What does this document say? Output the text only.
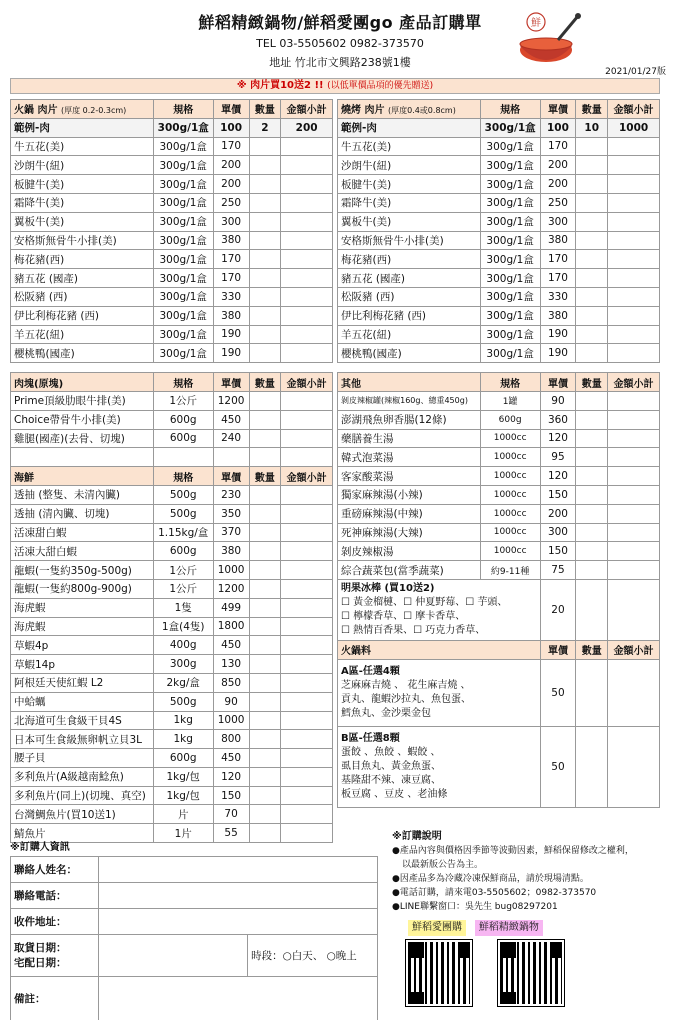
鮮稻精緻鍋物/鮮稻愛團go 產品訂購單
TEL 03-5505602 0982-373570
地址 竹北市文興路238號1樓
2021/01/27版
鮮
※ 肉片買10送2 !! (以低單價品項的優先贈送)
火鍋 肉片 (厚度 0.2-0.3cm)	規格	單價	數量	金額小計
範例-肉	300g/1盒	100	2	200
牛五花(美)	300g/1盒	170		
沙朗牛(紐)	300g/1盒	200		
板腱牛(美)	300g/1盒	200		
霜降牛(美)	300g/1盒	250		
翼板牛(美)	300g/1盒	300		
安格斯無骨牛小排(美)	300g/1盒	380		
梅花豬(西)	300g/1盒	170		
豬五花 (國產)	300g/1盒	170		
松阪豬 (西)	300g/1盒	330		
伊比利梅花豬 (西)	300g/1盒	380		
羊五花(紐)	300g/1盒	190		
櫻桃鴨(國產)	300g/1盒	190		

肉塊(原塊)	規格	單價	數量	金額小計
Prime頂級肋眼牛排(美)	1公斤	1200		
Choice帶骨牛小排(美)	600g	450		
雞腿(國產)(去骨、切塊)	600g	240		

海鮮	規格	單價	數量	金額小計
透抽 (整隻、未清內臟)	500g	230		
透抽 (清內臟、切塊)	500g	350		
活凍甜白蝦	1.15kg/盒	370		
活凍大甜白蝦	600g	380		
龍蝦(一隻約350g-500g)	1公斤	1000		
龍蝦(一隻約800g-900g)	1公斤	1200		
海虎蝦	1隻	499		
海虎蝦	1盒(4隻)	1800		
草蝦4p	400g	450		
草蝦14p	300g	130		
阿根廷天使紅蝦 L2	2kg/盒	850		
中蛤蠣	500g	90		
北海道可生食級干貝4S	1kg	1000		
日本可生食級無卵帆立貝3L	1kg	800		
腰子貝	600g	450		
多利魚片(A級越南鯰魚)	1kg/包	120		
多利魚片(同上)(切塊、真空)	1kg/包	150		
台灣鯛魚片(買10送1)	片	70		
鯖魚片	1片	55		
燒烤 肉片 (厚度0.4或0.8cm)	規格	單價	數量	金額小計
範例-肉	300g/1盒	100	10	1000
牛五花(美)	300g/1盒	170		
沙朗牛(紐)	300g/1盒	200		
板腱牛(美)	300g/1盒	200		
霜降牛(美)	300g/1盒	250		
翼板牛(美)	300g/1盒	300		
安格斯無骨牛小排(美)	300g/1盒	380		
梅花豬(西)	300g/1盒	170		
豬五花 (國產)	300g/1盒	170		
松阪豬 (西)	300g/1盒	330		
伊比利梅花豬 (西)	300g/1盒	380		
羊五花(紐)	300g/1盒	190		
櫻桃鴨(國產)	300g/1盒	190		

其他	規格	單價	數量	金額小計
剝皮辣椒罐(辣椒160g、總重450g)	1罐	90		
澎湖飛魚卵香腸(12條)	600g	360		
藥膳養生湯	1000cc	120		
韓式泡菜湯	1000cc	95		
客家酸菜湯	1000cc	120		
獨家麻辣湯(小辣)	1000cc	150		
重磅麻辣湯(中辣)	1000cc	200		
死神麻辣湯(大辣)	1000cc	300		
剝皮辣椒湯	1000cc	150		
綜合蔬菜包(當季蔬菜)	約9-11種	75		

明果冰棒 (買10送2)
☐ 黃金榴槤、☐ 仲夏野莓、☐ 芋頭、
☐ 檸檬香草、☐ 摩卡香草、
☐ 熱情百香果、☐ 巧克力香草、		20		
火鍋料		單價	數量	金額小計

A區-任選4顆
芝麻麻吉燒 、 花生麻吉燒 、
貢丸、龍蝦沙拉丸、魚包蛋、
鱈魚丸、金沙栗金包		50		

B區-任選8顆
蛋餃 、魚餃 、蝦餃 、
虱目魚丸、黃金魚蛋、
基隆甜不辣、凍豆腐、
板豆腐 、豆皮 、老油條		50		
※訂購人資訊
聯絡人姓名：		
聯絡電話：		
收件地址：		
取貨日期：
宅配日期：		時段：○白天、 ○晚上
備註：		
※訂購說明
●產品內容與價格因季節等波動因素，鮮稻保留修改之權利，
以最新版公告為主。
●因產品多為冷藏冷凍保鮮商品，請於現場清點。
●電話訂購，請來電03-5505602；0982-373570
●LINE聯繫窗口：吳先生 bug08297201
鮮稻愛團購 鮮稻精緻鍋物
